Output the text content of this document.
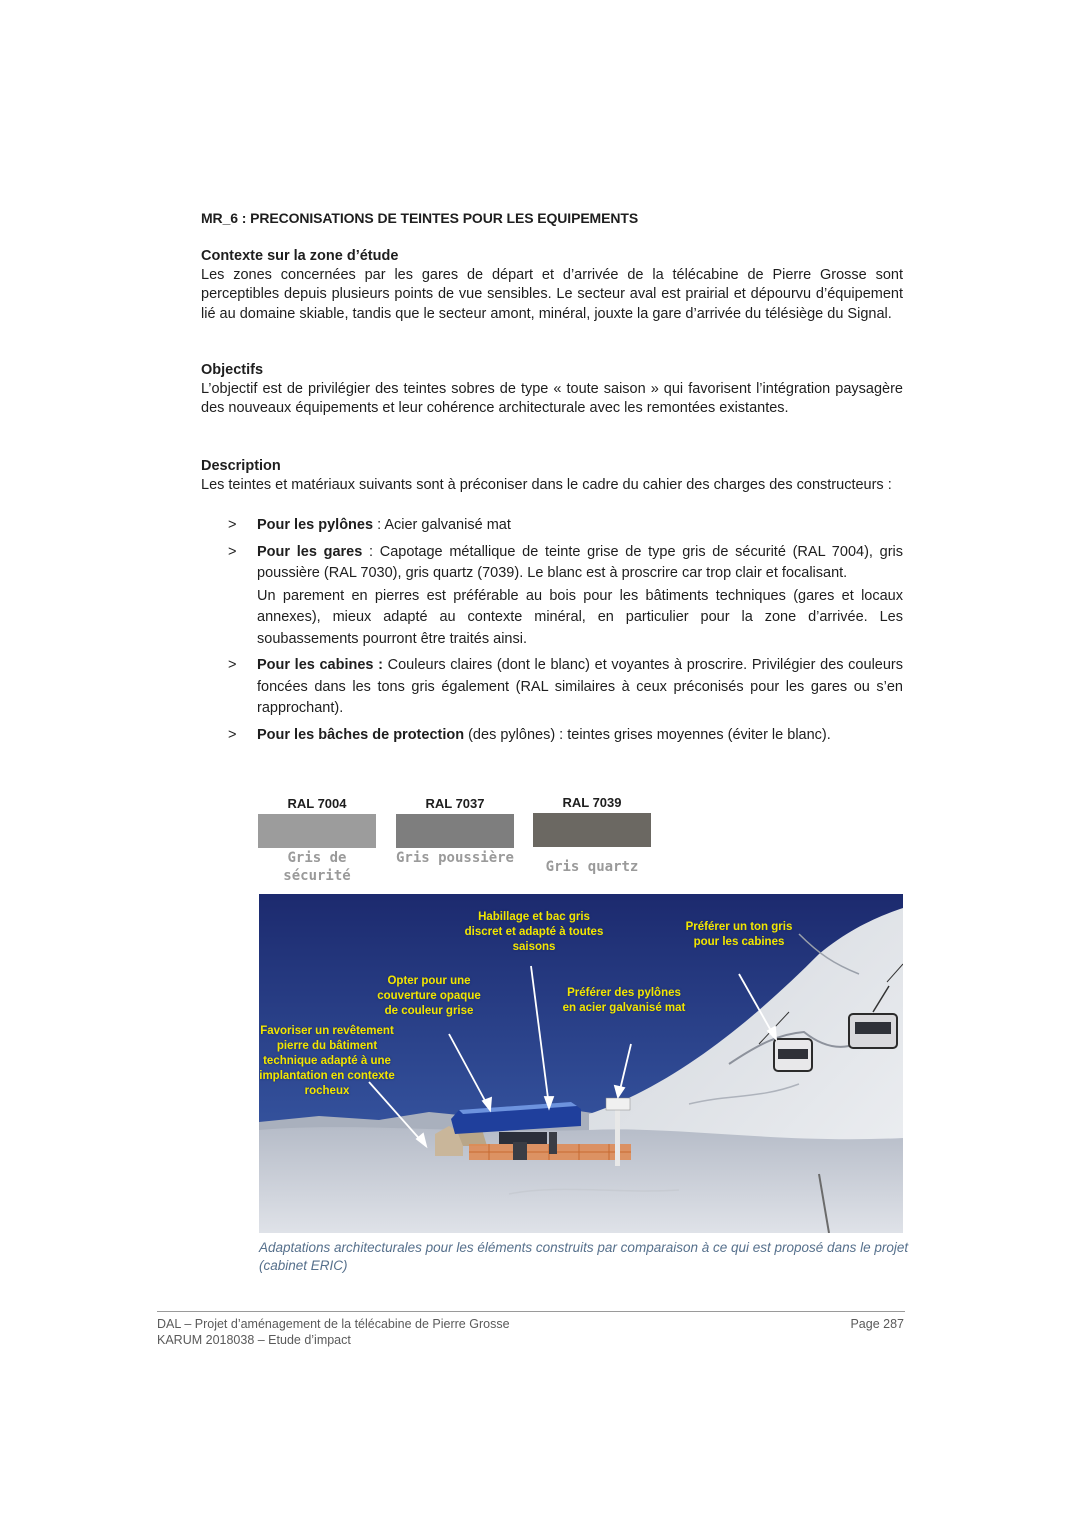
MR_6 : PRECONISATIONS DE TEINTES POUR LES EQUIPEMENTS
Contexte sur la zone d’étude

Les zones concernées par les gares de départ et d’arrivée de la télécabine de Pierre Grosse sont perceptibles depuis plusieurs points de vue sensibles. Le secteur aval est prairial et dépourvu d’équipement lié au domaine skiable, tandis que le secteur amont, minéral, jouxte la gare d’arrivée du télésiège du Signal.

Objectifs

L’objectif est de privilégier des teintes sobres de type « toute saison » qui favorisent l’intégration paysagère des nouveaux équipements et leur cohérence architecturale avec les remontées existantes.

Description

Les teintes et matériaux suivants sont à préconiser dans le cadre du cahier des charges des constructeurs :

> Pour les pylônes : Acier galvanisé mat
> Pour les gares : Capotage métallique de teinte grise de type gris de sécurité (RAL 7004), gris poussière (RAL 7030), gris quartz (7039). Le blanc est à proscrire car trop clair et focalisant.
Un parement en pierres est préférable au bois pour les bâtiments techniques (gares et locaux annexes), mieux adapté au contexte minéral, en particulier pour la zone d’arrivée. Les soubassements pourront être traités ainsi.
> Pour les cabines : Couleurs claires (dont le blanc) et voyantes à proscrire. Privilégier des couleurs foncées dans les tons gris également (RAL similaires à ceux préconisés pour les gares ou s’en rapprochant).
> Pour les bâches de protection (des pylônes) : teintes grises moyennes (éviter le blanc).
RAL 7004	RAL 7037	RAL 7039
Gris de sécurité
Gris poussière
Gris quartz
Habillage et bac gris discret et adapté à toutes saisons
Préférer un ton gris pour les cabines
Opter pour une couverture opaque de couleur grise
Préférer des pylônes en acier galvanisé mat
Favoriser un revêtement pierre du bâtiment technique adapté à une implantation en contexte rocheux
Adaptations architecturales pour les éléments construits par comparaison à ce qui est proposé dans le projet (cabinet ERIC)
DAL – Projet d’aménagement de la télécabine de Pierre Grosse
KARUM 2018038 – Etude d’impact
Page 287
